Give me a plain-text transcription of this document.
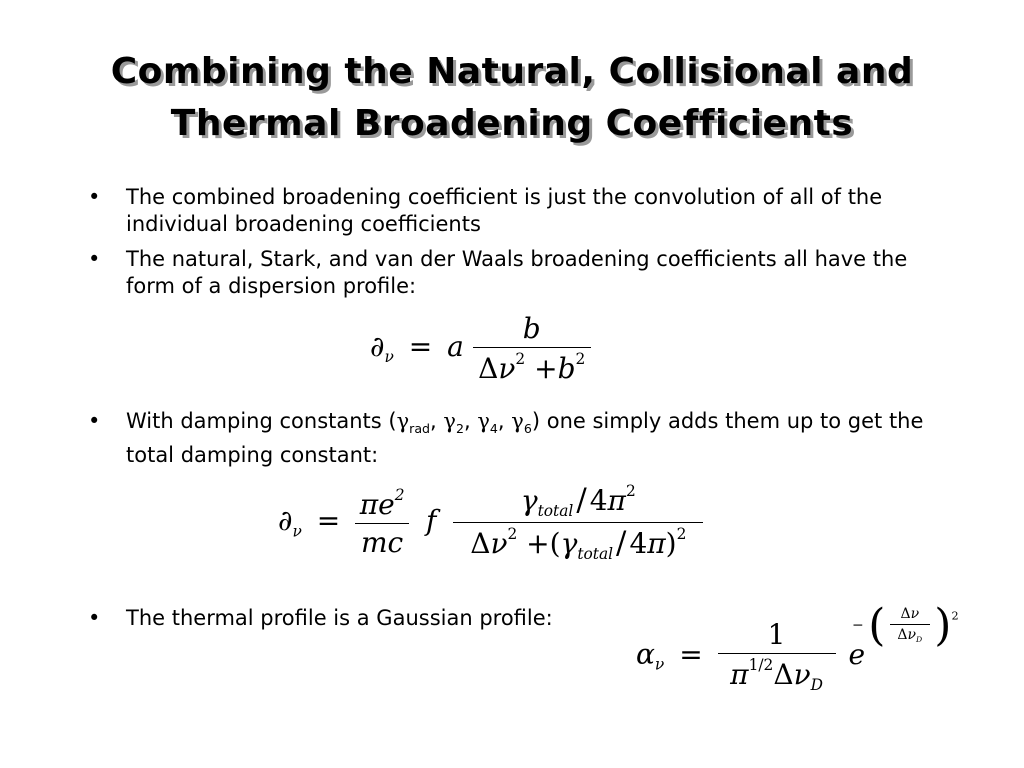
Combining the Natural, Collisional and
Thermal Broadening Coefficients
• The combined broadening coefficient is just the convolution of all of the individual broadening coefficients
• The natural, Stark, and van der Waals broadening coefficients all have the form of a dispersion profile:
$\partial_\nu = a \frac{b}{\Delta\nu^2 +b^2}$
• With damping constants ($\gamma_{rad}$, $\gamma_2$, $\gamma_4$, $\gamma_6$) one simply adds them up to get the total damping constant:
$\partial_\nu = \frac{\pi e^2}{mc}$ f $\frac{\gamma_{total}/ 4\pi^2}{\Delta\nu^2 +(\gamma_{total}/ 4\pi)^2}$
• The thermal profile is a Gaussian profile:
$\alpha_\nu = \frac{1}{\pi^{1/2}\Delta\nu_D}$ e
− ( $\frac{\Delta\nu}{\Delta\nu_D} )^2$
